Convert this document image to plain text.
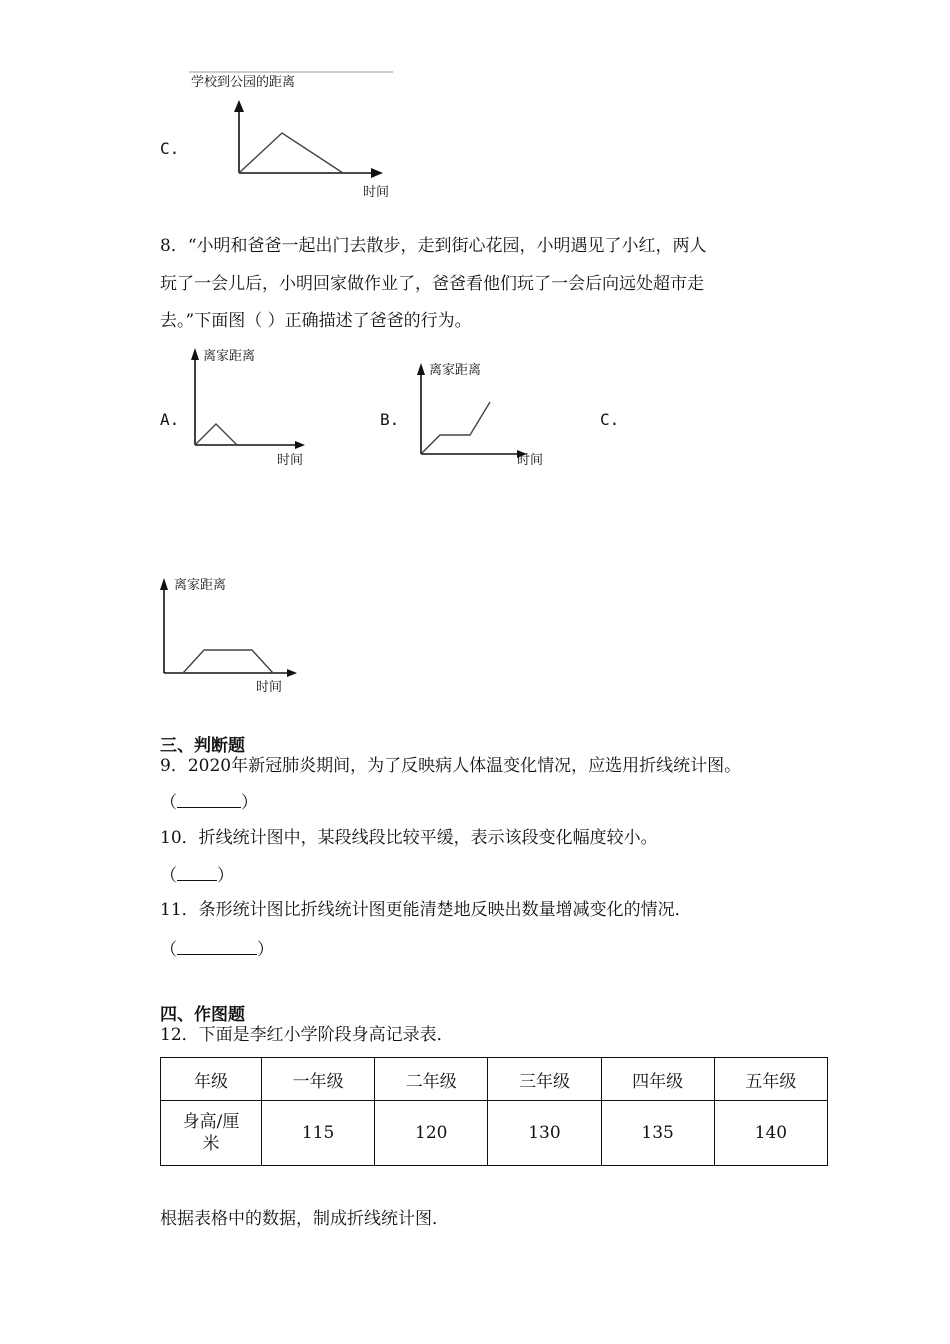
C.
学校到公园的距离
时间
8．“小明和爸爸一起出门去散步，走到街心花园，小明遇见了小红，两人
玩了一会儿后，小明回家做作业了，爸爸看他们玩了一会后向远处超市走
去。”下面图（ ）正确描述了爸爸的行为。
A.
离家距离
时间
B.
离家距离
时间
C.
离家距离
时间
三、判断题
9．2020年新冠肺炎期间，为了反映病人体温变化情况，应选用折线统计图。
（	）
10．折线统计图中，某段线段比较平缓，表示该段变化幅度较小。
（ ）
11．条形统计图比折线统计图更能清楚地反映出数量增减变化的情况．
（	）
四、作图题
12．下面是李红小学阶段身高记录表．
年级	一年级	二年级	三年级	四年级	五年级

身高/厘
米	115	120	130	135	140
根据表格中的数据，制成折线统计图．
